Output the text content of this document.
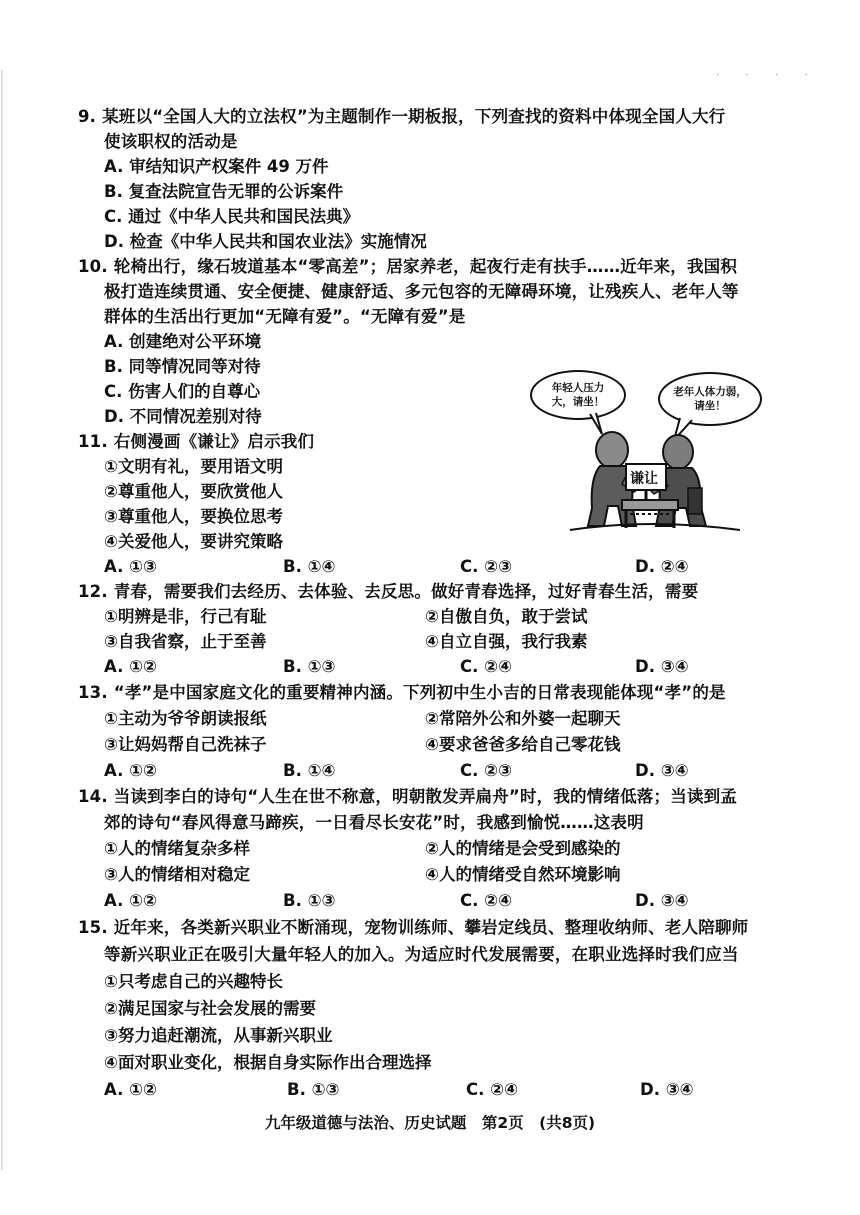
• • • •
9. 某班以“全国人大的立法权”为主题制作一期板报，下列查找的资料中体现全国人大行
使该职权的活动是
A. 审结知识产权案件 49 万件
B. 复查法院宣告无罪的公诉案件
C. 通过《中华人民共和国民法典》
D. 检查《中华人民共和国农业法》实施情况
10. 轮椅出行，缘石坡道基本“零高差”；居家养老，起夜行走有扶手……近年来，我国积
极打造连续贯通、安全便捷、健康舒适、多元包容的无障碍环境，让残疾人、老年人等
群体的生活出行更加“无障有爱”。“无障有爱”是
A. 创建绝对公平环境
B. 同等情况同等对待
C. 伤害人们的自尊心
D. 不同情况差别对待
11. 右侧漫画《谦让》启示我们
①文明有礼，要用语文明
②尊重他人，要欣赏他人
③尊重他人，要换位思考
④关爱他人，要讲究策略
A. ①③	B. ①④	C. ②③	D. ②④
年轻人压力大，请坐！
老年人体力弱，请坐！
谦让
12. 青春，需要我们去经历、去体验、去反思。做好青春选择，过好青春生活，需要
①明辨是非，行己有耻	②自傲自负，敢于尝试
③自我省察，止于至善	④自立自强，我行我素
A. ①②	B. ①③	C. ②④	D. ③④
13. “孝”是中国家庭文化的重要精神内涵。下列初中生小吉的日常表现能体现“孝”的是
①主动为爷爷朗读报纸	②常陪外公和外婆一起聊天
③让妈妈帮自己洗袜子	④要求爸爸多给自己零花钱
A. ①②	B. ①④	C. ②③	D. ③④
14. 当读到李白的诗句“人生在世不称意，明朝散发弄扁舟”时，我的情绪低落；当读到孟
郊的诗句“春风得意马蹄疾，一日看尽长安花”时，我感到愉悦……这表明
①人的情绪复杂多样	②人的情绪是会受到感染的
③人的情绪相对稳定	④人的情绪受自然环境影响
A. ①②	B. ①③	C. ②④	D. ③④
15. 近年来，各类新兴职业不断涌现，宠物训练师、攀岩定线员、整理收纳师、老人陪聊师
等新兴职业正在吸引大量年轻人的加入。为适应时代发展需要，在职业选择时我们应当
①只考虑自己的兴趣特长
②满足国家与社会发展的需要
③努力追赶潮流，从事新兴职业
④面对职业变化，根据自身实际作出合理选择
A. ①②	B. ①③	C. ②④	D. ③④
九年级道德与法治、历史试题　第2页　(共8页)
